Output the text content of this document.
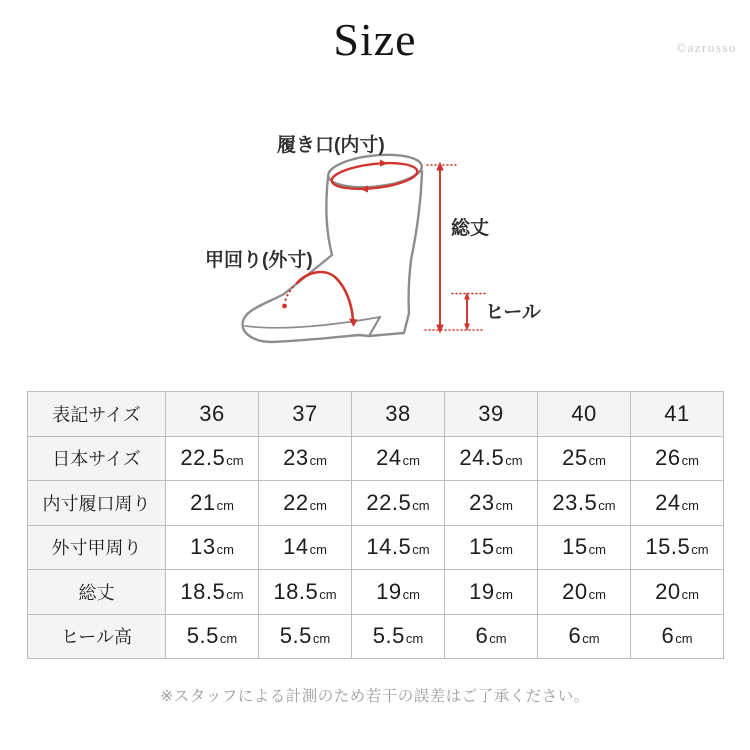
Size	©azrosso
履き口(内寸)
甲回り(外寸)
総丈
ヒール
表記サイズ	36	37	38	39	40	41
日本サイズ	22.5cm	23cm	24cm	24.5cm	25cm	26cm
内寸履口周り	21cm	22cm	22.5cm	23cm	23.5cm	24cm
外寸甲周り	13cm	14cm	14.5cm	15cm	15cm	15.5cm
総丈	18.5cm	18.5cm	19cm	19cm	20cm	20cm
ヒール高	5.5cm	5.5cm	5.5cm	6cm	6cm	6cm
※スタッフによる計測のため若干の誤差はご了承ください。
